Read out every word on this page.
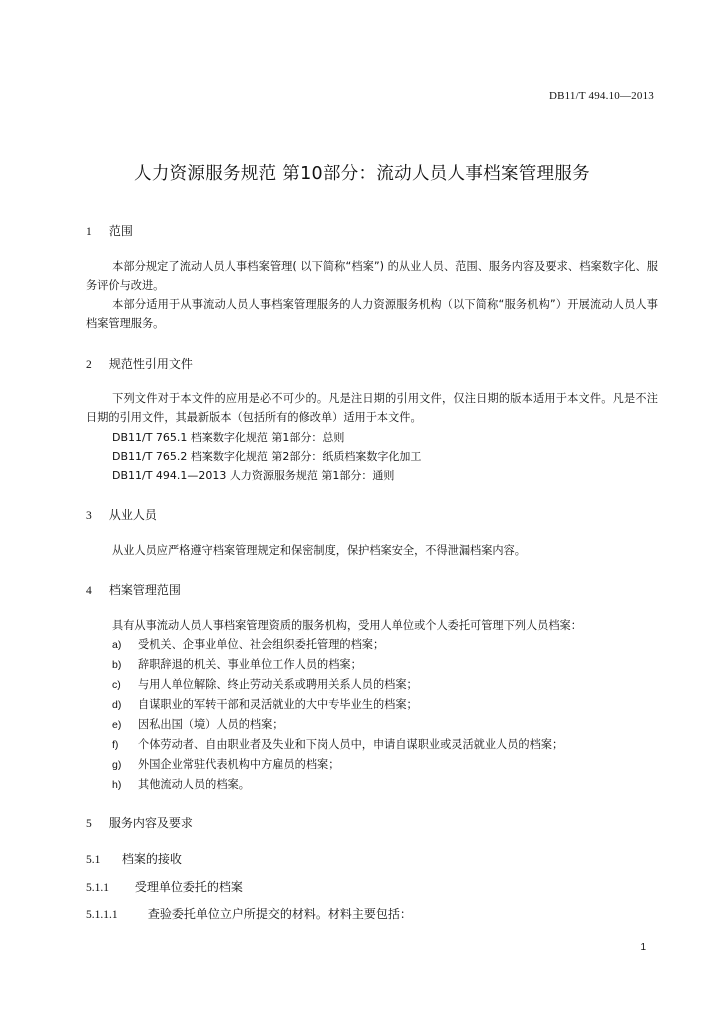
DB11/T 494.10—2013
人力资源服务规范 第10部分：流动人员人事档案管理服务
1 范围
本部分规定了流动人员人事档案管理( 以下简称“档案”) 的从业人员、范围、服务内容及要求、档案数字化、服务评价与改进。
本部分适用于从事流动人员人事档案管理服务的人力资源服务机构（以下简称“服务机构”）开展流动人员人事档案管理服务。
2 规范性引用文件
下列文件对于本文件的应用是必不可少的。凡是注日期的引用文件，仅注日期的版本适用于本文件。凡是不注日期的引用文件，其最新版本（包括所有的修改单）适用于本文件。
DB11/T 765.1 档案数字化规范 第1部分：总则
DB11/T 765.2 档案数字化规范 第2部分：纸质档案数字化加工
DB11/T 494.1—2013 人力资源服务规范 第1部分：通则
3 从业人员
从业人员应严格遵守档案管理规定和保密制度，保护档案安全，不得泄漏档案内容。
4 档案管理范围
具有从事流动人员人事档案管理资质的服务机构，受用人单位或个人委托可管理下列人员档案：
a) 受机关、企事业单位、社会组织委托管理的档案；
b) 辞职辞退的机关、事业单位工作人员的档案；
c) 与用人单位解除、终止劳动关系或聘用关系人员的档案；
d) 自谋职业的军转干部和灵活就业的大中专毕业生的档案；
e) 因私出国（境）人员的档案；
f) 个体劳动者、自由职业者及失业和下岗人员中，申请自谋职业或灵活就业人员的档案；
g) 外国企业常驻代表机构中方雇员的档案；
h) 其他流动人员的档案。
5 服务内容及要求
5.1 档案的接收
5.1.1 受理单位委托的档案
5.1.1.1	查验委托单位立户所提交的材料。材料主要包括：
1
